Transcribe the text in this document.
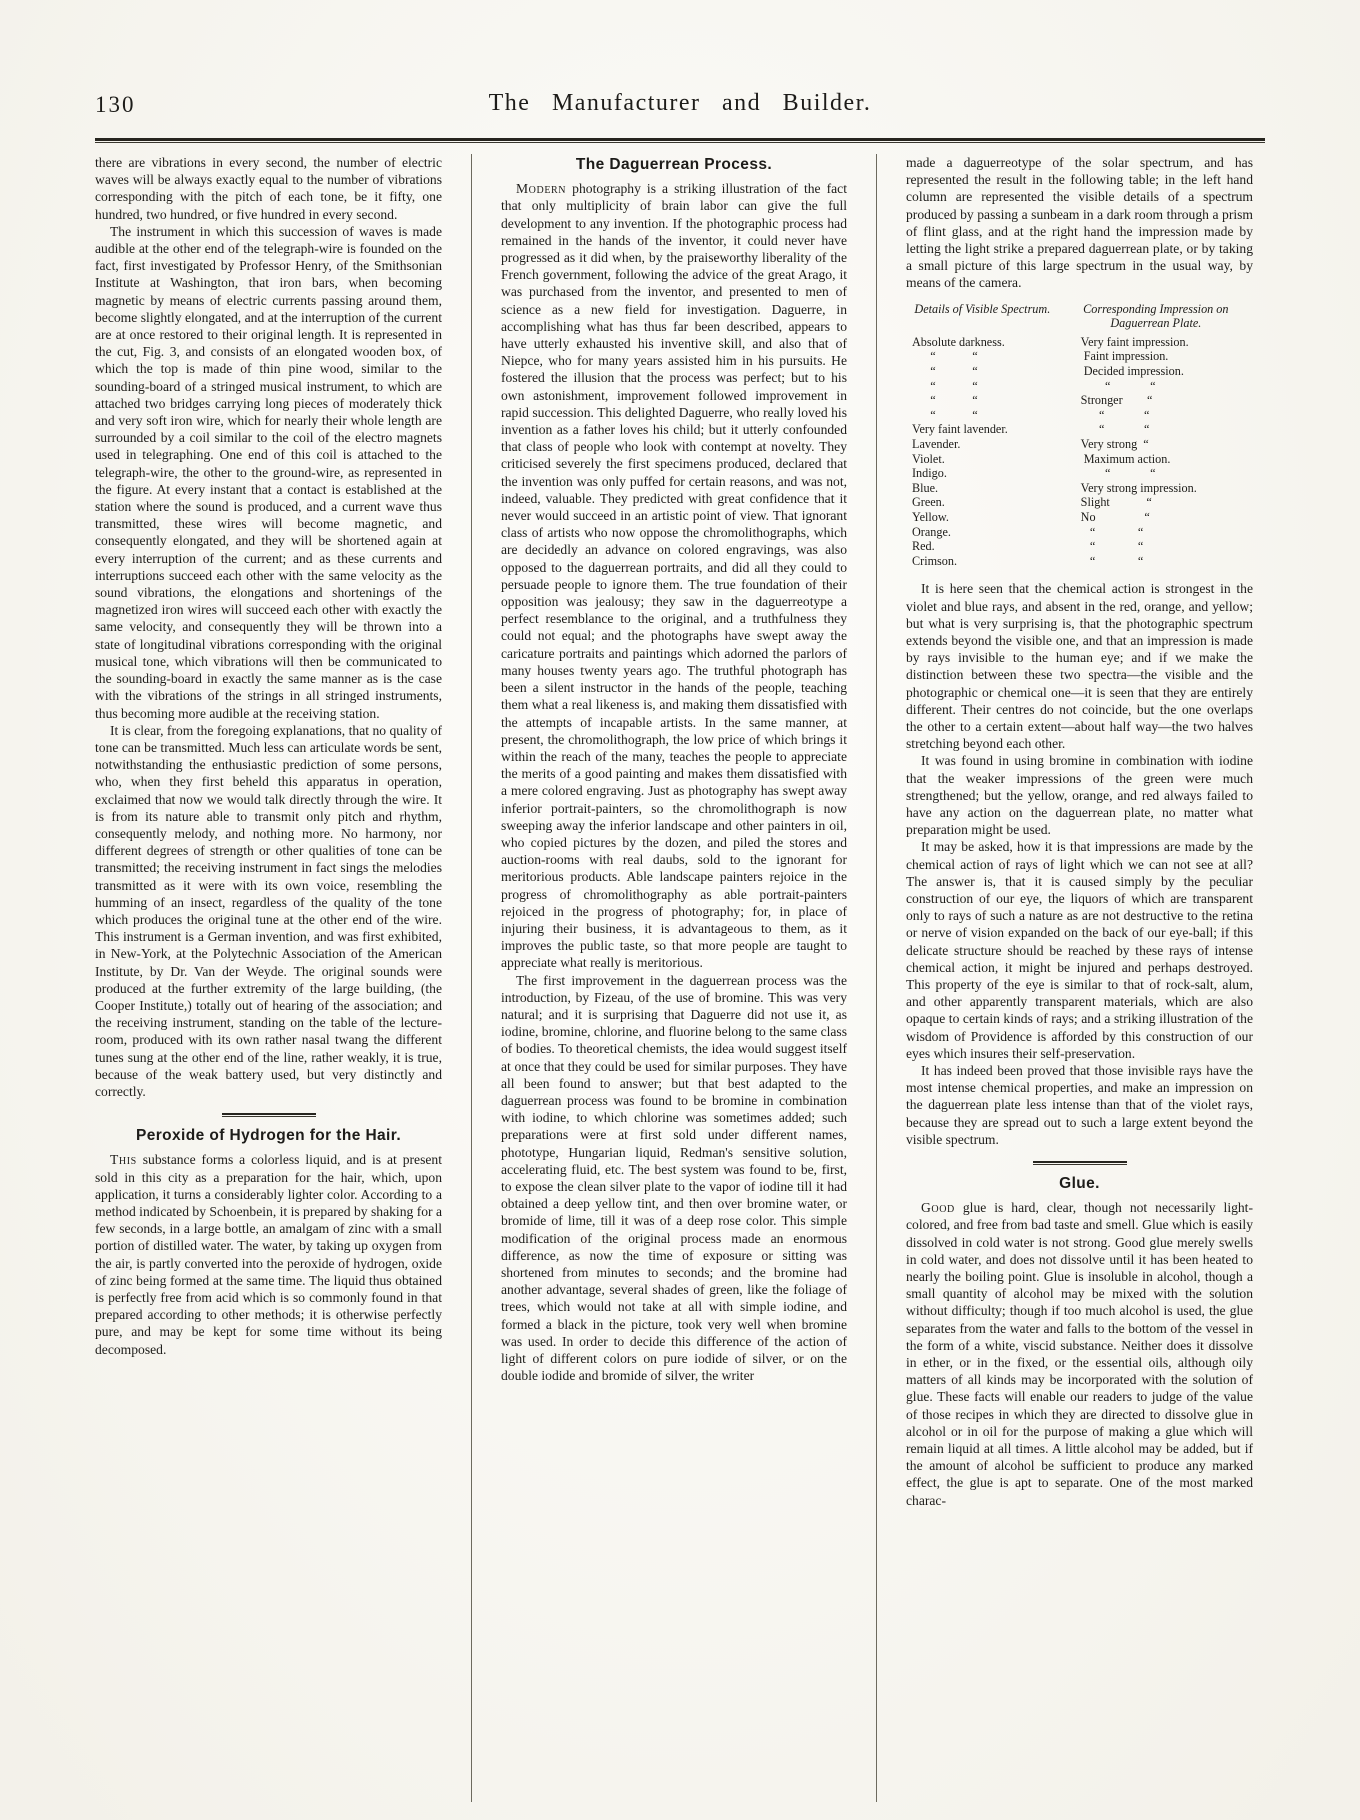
130	The Manufacturer and Builder.

there are vibrations in every second, the number of electric waves will be always exactly equal to the number of vibrations corresponding with the pitch of each tone, be it fifty, one hundred, two hundred, or five hundred in every second.

The instrument in which this succession of waves is made audible at the other end of the telegraph-wire is founded on the fact, first investigated by Professor Henry, of the Smithsonian Institute at Washington, that iron bars, when becoming magnetic by means of electric currents passing around them, become slightly elongated, and at the interruption of the current are at once restored to their original length. It is represented in the cut, Fig. 3, and consists of an elongated wooden box, of which the top is made of thin pine wood, similar to the sounding-board of a stringed musical instrument, to which are attached two bridges carrying long pieces of moderately thick and very soft iron wire, which for nearly their whole length are surrounded by a coil similar to the coil of the electro magnets used in telegraphing. One end of this coil is attached to the telegraph-wire, the other to the ground-wire, as represented in the figure. At every instant that a contact is established at the station where the sound is produced, and a current wave thus transmitted, these wires will become magnetic, and consequently elongated, and they will be shortened again at every interruption of the current; and as these currents and interruptions succeed each other with the same velocity as the sound vibrations, the elongations and shortenings of the magnetized iron wires will succeed each other with exactly the same velocity, and consequently they will be thrown into a state of longitudinal vibrations corresponding with the original musical tone, which vibrations will then be communicated to the sounding-board in exactly the same manner as is the case with the vibrations of the strings in all stringed instruments, thus becoming more audible at the receiving station.

It is clear, from the foregoing explanations, that no quality of tone can be transmitted. Much less can articulate words be sent, notwithstanding the enthusiastic prediction of some persons, who, when they first beheld this apparatus in operation, exclaimed that now we would talk directly through the wire. It is from its nature able to transmit only pitch and rhythm, consequently melody, and nothing more. No harmony, nor different degrees of strength or other qualities of tone can be transmitted; the receiving instrument in fact sings the melodies transmitted as it were with its own voice, resembling the humming of an insect, regardless of the quality of the tone which produces the original tune at the other end of the wire. This instrument is a German invention, and was first exhibited, in New-York, at the Polytechnic Association of the American Institute, by Dr. Van der Weyde. The original sounds were produced at the further extremity of the large building, (the Cooper Institute,) totally out of hearing of the association; and the receiving instrument, standing on the table of the lecture-room, produced with its own rather nasal twang the different tunes sung at the other end of the line, rather weakly, it is true, because of the weak battery used, but very distinctly and correctly.

Peroxide of Hydrogen for the Hair.

This substance forms a colorless liquid, and is at present sold in this city as a preparation for the hair, which, upon application, it turns a considerably lighter color. According to a method indicated by Schoenbein, it is prepared by shaking for a few seconds, in a large bottle, an amalgam of zinc with a small portion of distilled water. The water, by taking up oxygen from the air, is partly converted into the peroxide of hydrogen, oxide of zinc being formed at the same time. The liquid thus obtained is perfectly free from acid which is so commonly found in that prepared according to other methods; it is otherwise perfectly pure, and may be kept for some time without its being decomposed.

The Daguerrean Process.

Modern photography is a striking illustration of the fact that only multiplicity of brain labor can give the full development to any invention. If the photographic process had remained in the hands of the inventor, it could never have progressed as it did when, by the praiseworthy liberality of the French government, following the advice of the great Arago, it was purchased from the inventor, and presented to men of science as a new field for investigation. Daguerre, in accomplishing what has thus far been described, appears to have utterly exhausted his inventive skill, and also that of Niepce, who for many years assisted him in his pursuits. He fostered the illusion that the process was perfect; but to his own astonishment, improvement followed improvement in rapid succession. This delighted Daguerre, who really loved his invention as a father loves his child; but it utterly confounded that class of people who look with contempt at novelty. They criticised severely the first specimens produced, declared that the invention was only puffed for certain reasons, and was not, indeed, valuable. They predicted with great confidence that it never would succeed in an artistic point of view. That ignorant class of artists who now oppose the chromolithographs, which are decidedly an advance on colored engravings, was also opposed to the daguerrean portraits, and did all they could to persuade people to ignore them. The true foundation of their opposition was jealousy; they saw in the daguerreotype a perfect resemblance to the original, and a truthfulness they could not equal; and the photographs have swept away the caricature portraits and paintings which adorned the parlors of many houses twenty years ago. The truthful photograph has been a silent instructor in the hands of the people, teaching them what a real likeness is, and making them dissatisfied with the attempts of incapable artists. In the same manner, at present, the chromolithograph, the low price of which brings it within the reach of the many, teaches the people to appreciate the merits of a good painting and makes them dissatisfied with a mere colored engraving. Just as photography has swept away inferior portrait-painters, so the chromolithograph is now sweeping away the inferior landscape and other painters in oil, who copied pictures by the dozen, and piled the stores and auction-rooms with real daubs, sold to the ignorant for meritorious products. Able landscape painters rejoice in the progress of chromolithography as able portrait-painters rejoiced in the progress of photography; for, in place of injuring their business, it is advantageous to them, as it improves the public taste, so that more people are taught to appreciate what really is meritorious.

The first improvement in the daguerrean process was the introduction, by Fizeau, of the use of bromine. This was very natural; and it is surprising that Daguerre did not use it, as iodine, bromine, chlorine, and fluorine belong to the same class of bodies. To theoretical chemists, the idea would suggest itself at once that they could be used for similar purposes. They have all been found to answer; but that best adapted to the daguerrean process was found to be bromine in combination with iodine, to which chlorine was sometimes added; such preparations were at first sold under different names, phototype, Hungarian liquid, Redman's sensitive solution, accelerating fluid, etc. The best system was found to be, first, to expose the clean silver plate to the vapor of iodine till it had obtained a deep yellow tint, and then over bromine water, or bromide of lime, till it was of a deep rose color. This simple modification of the original process made an enormous difference, as now the time of exposure or sitting was shortened from minutes to seconds; and the bromine had another advantage, several shades of green, like the foliage of trees, which would not take at all with simple iodine, and formed a black in the picture, took very well when bromine was used. In order to decide this difference of the action of light of different colors on pure iodide of silver, or on the double iodide and bromide of silver, the writer

made a daguerreotype of the solar spectrum, and has represented the result in the following table; in the left hand column are represented the visible details of a spectrum produced by passing a sunbeam in a dark room through a prism of flint glass, and at the right hand the impression made by letting the light strike a prepared daguerrean plate, or by taking a small picture of this large spectrum in the usual way, by means of the camera.

Details of Visible Spectrum.	Corresponding Impression on Daguerrean Plate.
Absolute darkness.	Very faint impression.
“            “	Faint impression.
“            “	Decided impression.
“            “	“             “
“            “	Stronger        “
“            “	“             “
Very faint lavender.	“             “
Lavender.	Very strong  “
Violet.	Maximum action.
Indigo.	“             “
Blue.	Very strong impression.
Green.	Slight            “
Yellow.	No                “
Orange.	“              “
Red.	“              “
Crimson.	“              “

It is here seen that the chemical action is strongest in the violet and blue rays, and absent in the red, orange, and yellow; but what is very surprising is, that the photographic spectrum extends beyond the visible one, and that an impression is made by rays invisible to the human eye; and if we make the distinction between these two spectra—the visible and the photographic or chemical one—it is seen that they are entirely different. Their centres do not coincide, but the one overlaps the other to a certain extent—about half way—the two halves stretching beyond each other.

It was found in using bromine in combination with iodine that the weaker impressions of the green were much strengthened; but the yellow, orange, and red always failed to have any action on the daguerrean plate, no matter what preparation might be used.

It may be asked, how it is that impressions are made by the chemical action of rays of light which we can not see at all? The answer is, that it is caused simply by the peculiar construction of our eye, the liquors of which are transparent only to rays of such a nature as are not destructive to the retina or nerve of vision expanded on the back of our eye-ball; if this delicate structure should be reached by these rays of intense chemical action, it might be injured and perhaps destroyed. This property of the eye is similar to that of rock-salt, alum, and other apparently transparent materials, which are also opaque to certain kinds of rays; and a striking illustration of the wisdom of Providence is afforded by this construction of our eyes which insures their self-preservation.

It has indeed been proved that those invisible rays have the most intense chemical properties, and make an impression on the daguerrean plate less intense than that of the violet rays, because they are spread out to such a large extent beyond the visible spectrum.

Glue.

Good glue is hard, clear, though not necessarily light-colored, and free from bad taste and smell. Glue which is easily dissolved in cold water is not strong. Good glue merely swells in cold water, and does not dissolve until it has been heated to nearly the boiling point. Glue is insoluble in alcohol, though a small quantity of alcohol may be mixed with the solution without difficulty; though if too much alcohol is used, the glue separates from the water and falls to the bottom of the vessel in the form of a white, viscid substance. Neither does it dissolve in ether, or in the fixed, or the essential oils, although oily matters of all kinds may be incorporated with the solution of glue. These facts will enable our readers to judge of the value of those recipes in which they are directed to dissolve glue in alcohol or in oil for the purpose of making a glue which will remain liquid at all times. A little alcohol may be added, but if the amount of alcohol be sufficient to produce any marked effect, the glue is apt to separate. One of the most marked charac-
